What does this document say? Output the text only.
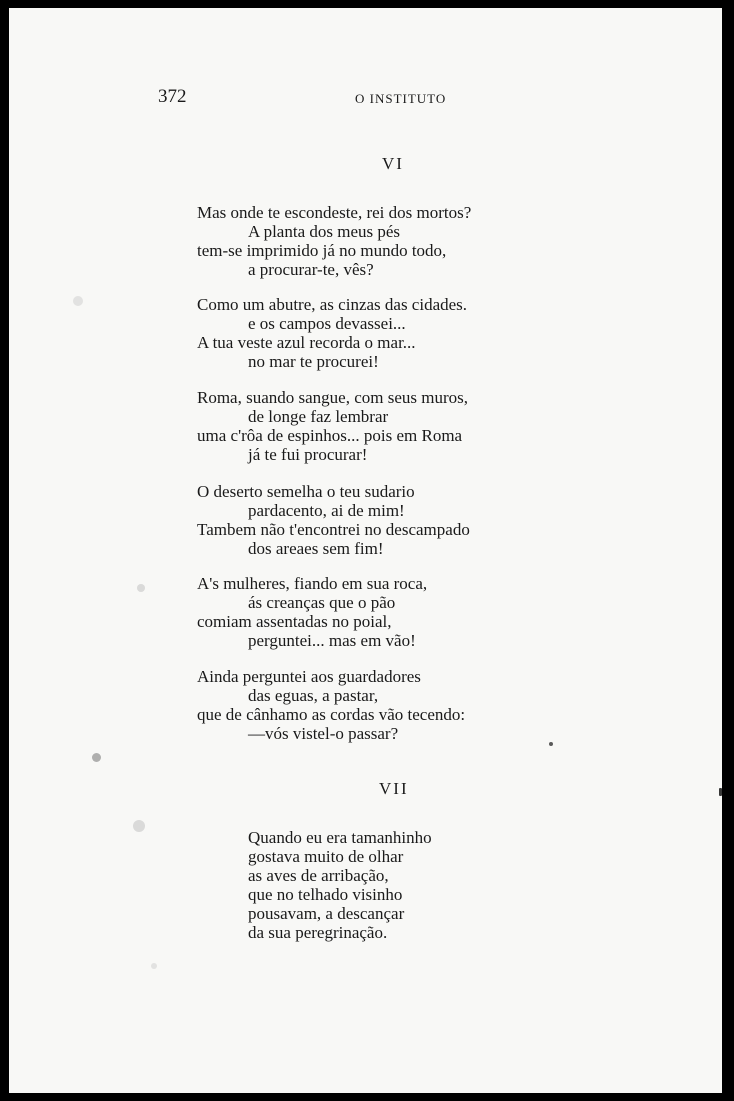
372	O INSTITUTO
VI
Mas onde te escondeste, rei dos mortos?
A planta dos meus pés
tem-se imprimido já no mundo todo,
a procurar-te, vês?
Como um abutre, as cinzas das cidades.
e os campos devassei...
A tua veste azul recorda o mar...
no mar te procurei!
Roma, suando sangue, com seus muros,
de longe faz lembrar
uma c'rôa de espinhos... pois em Roma
já te fui procurar!
O deserto semelha o teu sudario
pardacento, ai de mim!
Tambem não t'encontrei no descampado
dos areaes sem fim!
A's mulheres, fiando em sua roca,
ás creanças que o pão
comiam assentadas no poial,
perguntei... mas em vão!
Ainda perguntei aos guardadores
das eguas, a pastar,
que de cânhamo as cordas vão tecendo:
—vós vistel-o passar?
VII
Quando eu era tamanhinho
gostava muito de olhar
as aves de arribação,
que no telhado visinho
pousavam, a descançar
da sua peregrinação.
